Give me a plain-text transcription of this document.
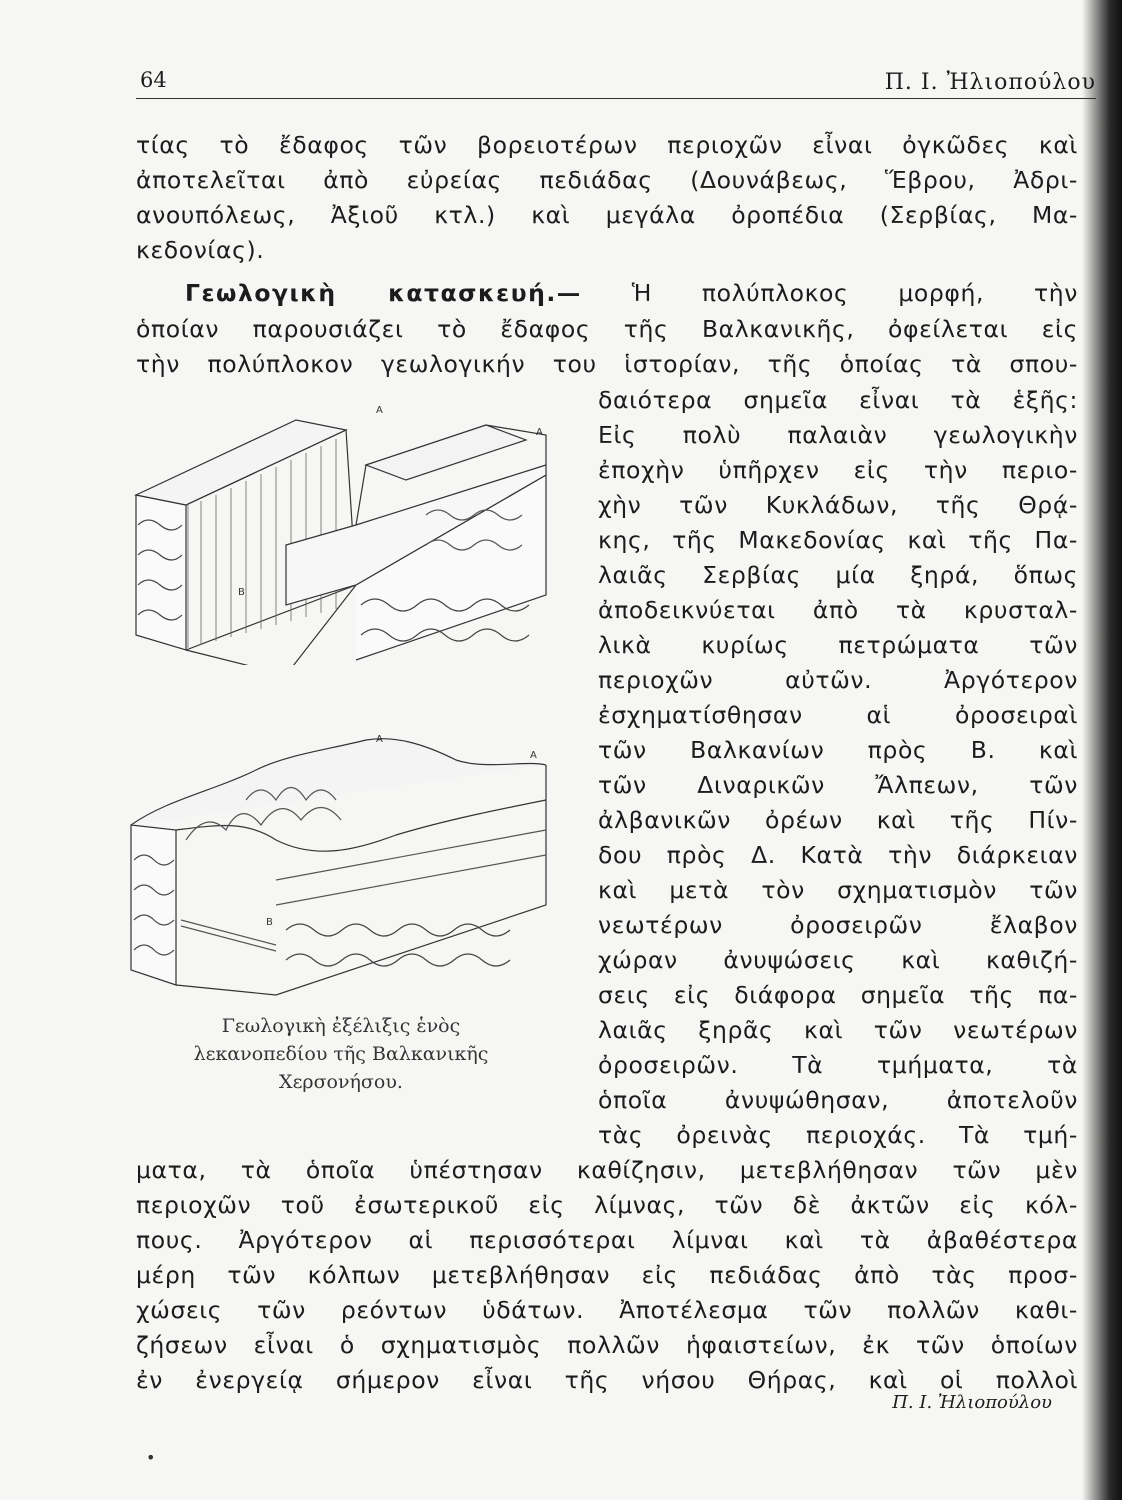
64	Π. Ι. Ἠλιοπούλου

τίας τὸ ἔδαφος τῶν βορειοτέρων περιοχῶν εἶναι ὀγκῶδες καὶ

ἀποτελεῖται ἀπὸ εὐρείας πεδιάδας (Δουνάβεως, Ἕβρου, Ἀδρι-

ανουπόλεως, Ἀξιοῦ κτλ.) καὶ μεγάλα ὀροπέδια (Σερβίας, Μα-

κεδονίας).

Γεωλογικὴ κατασκευή.— Ἡ πολύπλοκος μορφή, τὴν

ὁποίαν παρουσιάζει τὸ ἔδαφος τῆς Βαλκανικῆς, ὀφείλεται εἰς

τὴν πολύπλοκον γεωλογικήν του ἱστορίαν, τῆς ὁποίας τὰ σπου-

δαιότερα σημεῖα εἶναι τὰ ἑξῆς:

Εἰς πολὺ παλαιὰν γεωλογικὴν

ἐποχὴν ὑπῆρχεν εἰς τὴν περιο-

χὴν τῶν Κυκλάδων, τῆς Θρᾴ-

κης, τῆς Μακεδονίας καὶ τῆς Πα-

λαιᾶς Σερβίας μία ξηρά, ὅπως

ἀποδεικνύεται ἀπὸ τὰ κρυσταλ-

λικὰ κυρίως πετρώματα τῶν

περιοχῶν αὐτῶν. Ἀργότερον

ἐσχηματίσθησαν αἱ ὀροσειραὶ

τῶν Βαλκανίων πρὸς Β. καὶ

τῶν Διναρικῶν Ἄλπεων, τῶν

ἀλβανικῶν ὀρέων καὶ τῆς Πίν-

δου πρὸς Δ. Κατὰ τὴν διάρκειαν

καὶ μετὰ τὸν σχηματισμὸν τῶν

νεωτέρων ὀροσειρῶν ἔλαβον

χώραν ἀνυψώσεις καὶ καθιζή-

σεις εἰς διάφορα σημεῖα τῆς πα-

λαιᾶς ξηρᾶς καὶ τῶν νεωτέρων

ὀροσειρῶν. Τὰ τμήματα, τὰ

ὁποῖα ἀνυψώθησαν, ἀποτελοῦν

τὰς ὀρεινὰς περιοχάς. Τὰ τμή-

ματα, τὰ ὁποῖα ὑπέστησαν καθίζησιν, μετεβλήθησαν τῶν μὲν

περιοχῶν τοῦ ἐσωτερικοῦ εἰς λίμνας, τῶν δὲ ἀκτῶν εἰς κόλ-

πους. Ἀργότερον αἱ περισσότεραι λίμναι καὶ τὰ ἀβαθέστερα

μέρη τῶν κόλπων μετεβλήθησαν εἰς πεδιάδας ἀπὸ τὰς προσ-

χώσεις τῶν ρεόντων ὑδάτων. Ἀποτέλεσμα τῶν πολλῶν καθι-

ζήσεων εἶναι ὁ σχηματισμὸς πολλῶν ἡφαιστείων, ἐκ τῶν ὁποίων

ἐν ἐνεργείᾳ σήμερον εἶναι τῆς νήσου Θήρας, καὶ οἱ πολλοὶ

A
A
B
A
A
B
Γεωλογικὴ ἐξέλιξις ἑνὸς
λεκανοπεδίου τῆς Βαλκανικῆς
Χερσονήσου.
Π. Ι. Ἠλιοπούλου
•
